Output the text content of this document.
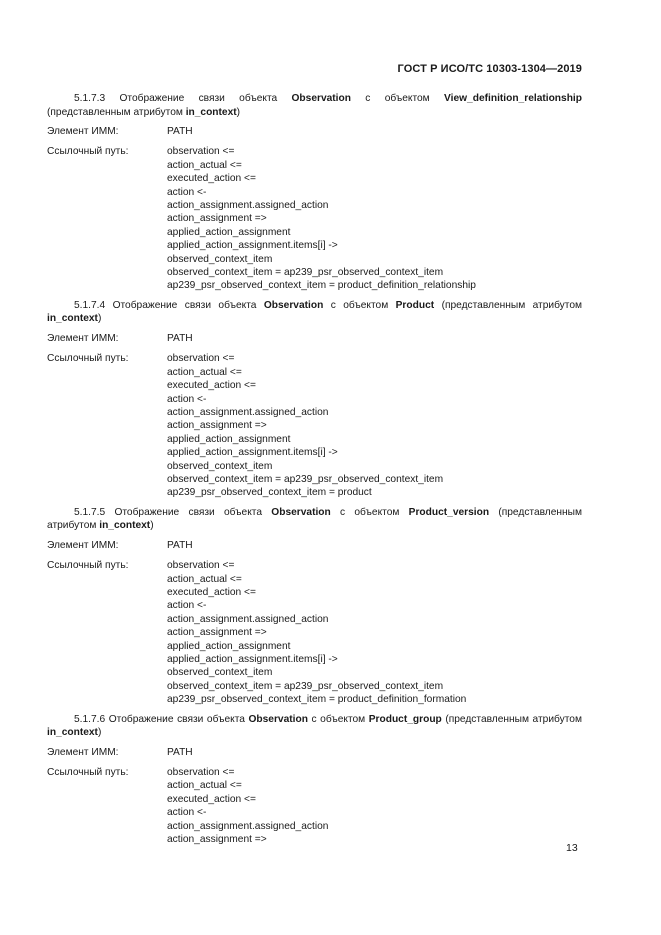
ГОСТ Р ИСО/ТС 10303-1304—2019
5.1.7.3 Отображение связи объекта Observation с объектом View_definition_relationship (представленным атрибутом in_context)
Элемент ИММ:	PATH
Ссылочный путь:	observation <=
action_actual <=
executed_action <=
action <-
action_assignment.assigned_action
action_assignment =>
applied_action_assignment
applied_action_assignment.items[i] ->
observed_context_item
observed_context_item = ap239_psr_observed_context_item
ap239_psr_observed_context_item = product_definition_relationship
5.1.7.4 Отображение связи объекта Observation с объектом Product (представленным атрибутом in_context)
Элемент ИММ:	PATH
Ссылочный путь:	observation <=
action_actual <=
executed_action <=
action <-
action_assignment.assigned_action
action_assignment =>
applied_action_assignment
applied_action_assignment.items[i] ->
observed_context_item
observed_context_item = ap239_psr_observed_context_item
ap239_psr_observed_context_item = product
5.1.7.5 Отображение связи объекта Observation с объектом Product_version (представленным атрибутом in_context)
Элемент ИММ:	PATH
Ссылочный путь:	observation <=
action_actual <=
executed_action <=
action <-
action_assignment.assigned_action
action_assignment =>
applied_action_assignment
applied_action_assignment.items[i] ->
observed_context_item
observed_context_item = ap239_psr_observed_context_item
ap239_psr_observed_context_item = product_definition_formation
5.1.7.6 Отображение связи объекта Observation с объектом Product_group (представленным атрибутом in_context)
Элемент ИММ:	PATH
Ссылочный путь:	observation <=
action_actual <=
executed_action <=
action <-
action_assignment.assigned_action
action_assignment =>
13
